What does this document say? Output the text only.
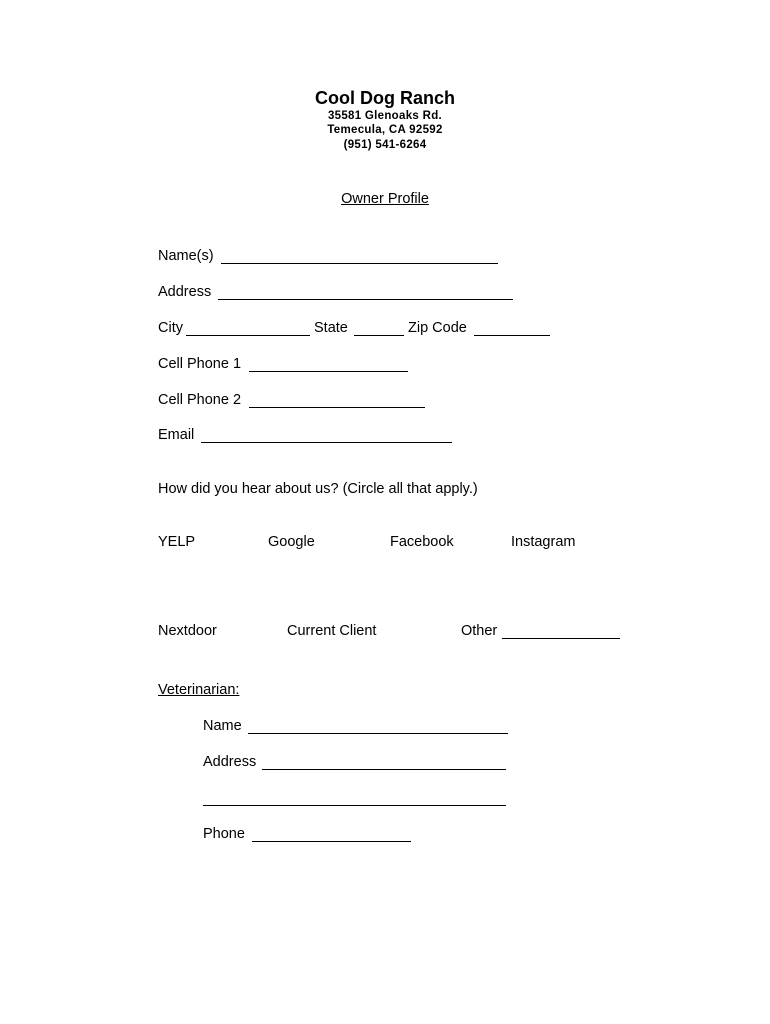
Cool Dog Ranch
35581 Glenoaks Rd.
Temecula, CA 92592
(951) 541-6264
Owner Profile
Name(s)
Address
City	State	Zip Code
Cell Phone 1
Cell Phone 2
Email
How did you hear about us? (Circle all that apply.)
YELP	Google	Facebook	Instagram
Nextdoor	Current Client	Other
Veterinarian:
Name
Address
Phone
